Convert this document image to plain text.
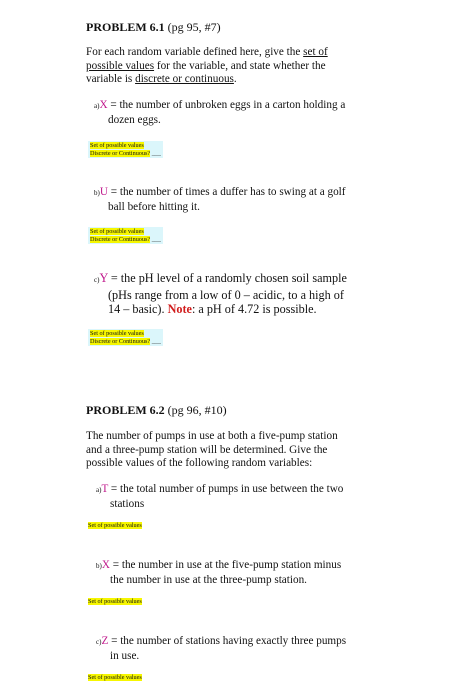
PROBLEM 6.1 (pg 95, #7)
For each random variable defined here, give the set of possible values for the variable, and state whether the variable is discrete or continuous.
a)X = the number of unbroken eggs in a carton holding a
dozen eggs.
Set of possible values
Discrete or Continuous? ___
b)U = the number of times a duffer has to swing at a golf
ball before hitting it.
Set of possible values
Discrete or Continuous? ___
c)Y = the pH level of a randomly chosen soil sample
(pHs range from a low of 0 – acidic, to a high of
14 – basic). Note: a pH of 4.72 is possible.
Set of possible values
Discrete or Continuous? ___
PROBLEM 6.2 (pg 96, #10)
The number of pumps in use at both a five-pump station and a three-pump station will be determined. Give the possible values of the following random variables:
a)T = the total number of pumps in use between the two
stations
Set of possible values
b)X = the number in use at the five-pump station minus
the number in use at the three-pump station.
Set of possible values
c)Z = the number of stations having exactly three pumps
in use.
Set of possible values
